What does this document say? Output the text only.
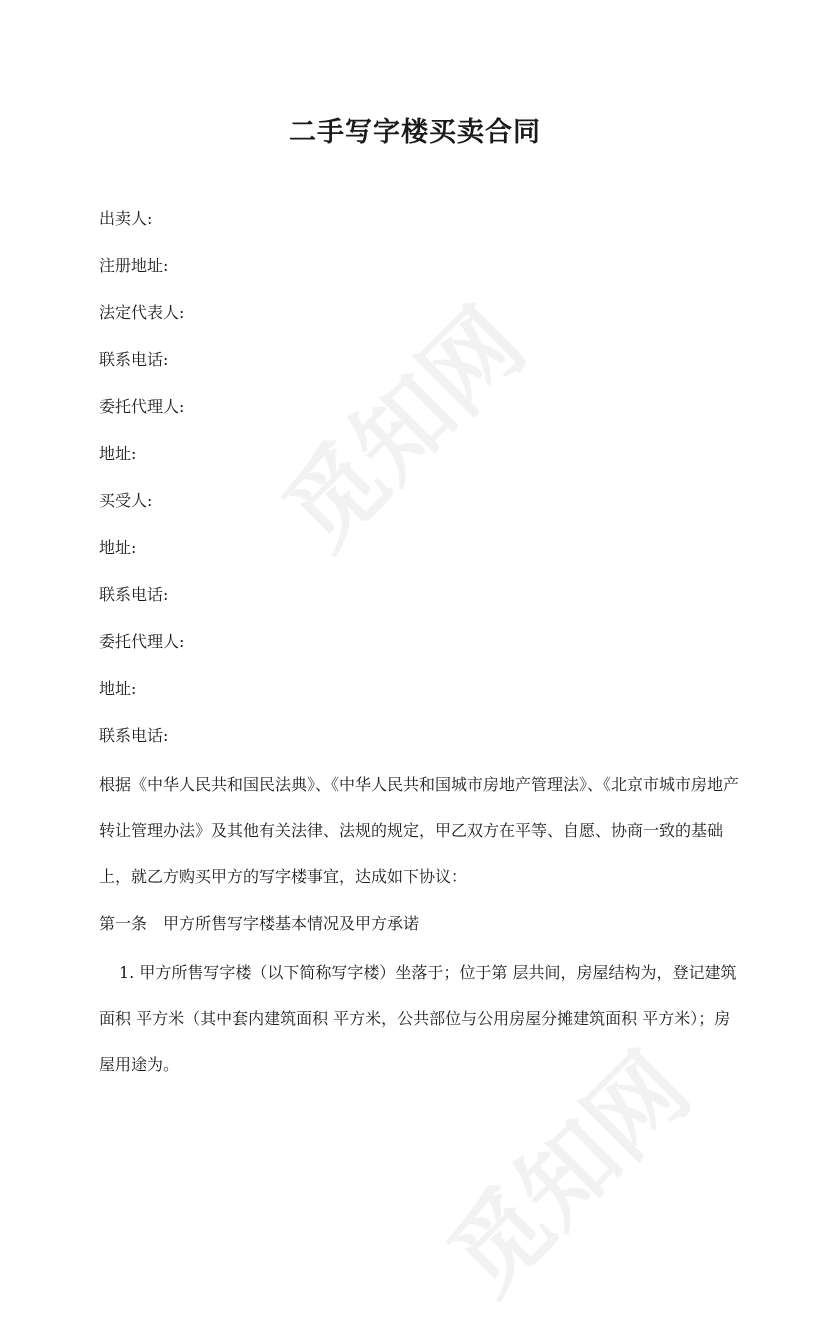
二手写字楼买卖合同
出卖人:
注册地址:
法定代表人:
联系电话:
委托代理人:
地址:
买受人:
地址:
联系电话:
委托代理人:
地址:
联系电话:

根据《中华人民共和国民法典》、《中华人民共和国城市房地产管理法》、《北京市城市房地产转让管理办法》及其他有关法律、法规的规定，甲乙双方在平等、自愿、协商一致的基础上，就乙方购买甲方的写字楼事宜，达成如下协议：

第一条　甲方所售写字楼基本情况及甲方承诺

1. 甲方所售写字楼（以下简称写字楼）坐落于；位于第 层共间，房屋结构为，登记建筑面积 平方米（其中套内建筑面积 平方米，公共部位与公用房屋分摊建筑面积 平方米）；房屋用途为。

觅知网
觅知网
